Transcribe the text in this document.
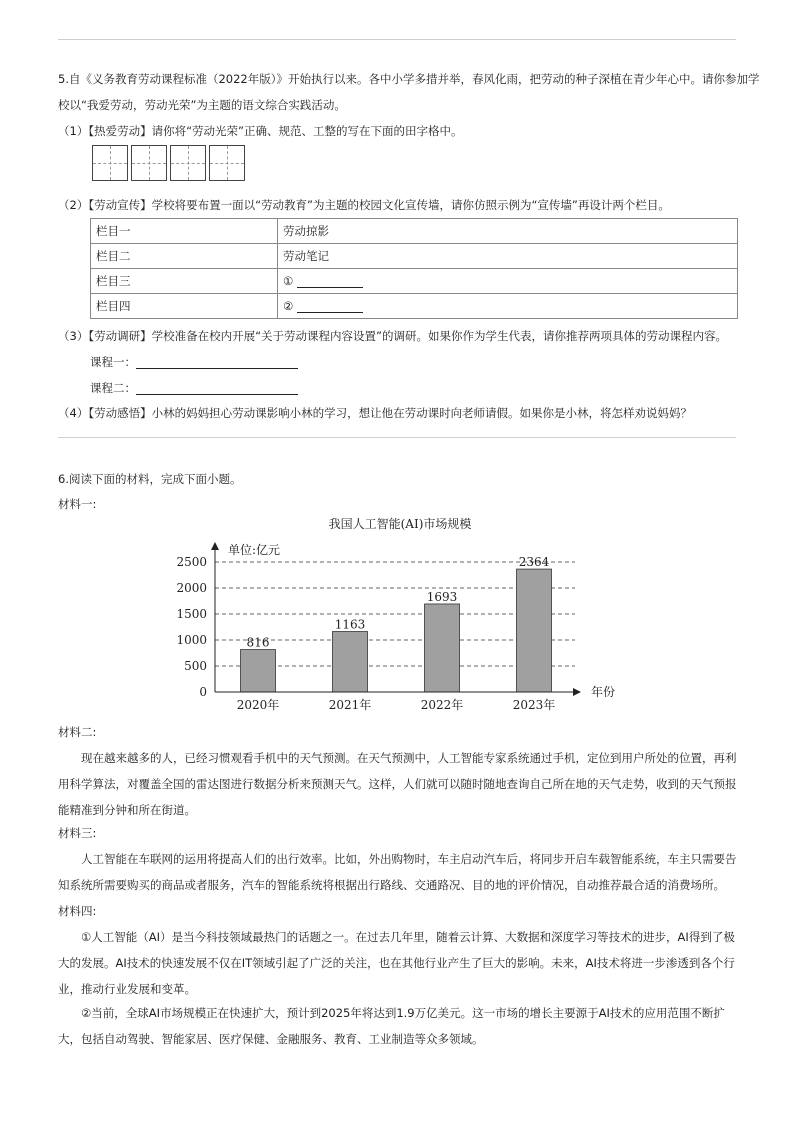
5.自《义务教育劳动课程标准（2022年版）》开始执行以来。各中小学多措并举，春风化雨，把劳动的种子深植在青少年心中。请你参加学
校以“我爱劳动，劳动光荣”为主题的语文综合实践活动。
（1）【热爱劳动】请你将“劳动光荣”正确、规范、工整的写在下面的田字格中。
（2）【劳动宣传】学校将要布置一面以“劳动教育”为主题的校园文化宣传墙，请你仿照示例为“宣传墙”再设计两个栏目。
栏目一	劳动掠影
栏目二	劳动笔记
栏目三	①
栏目四	②
（3）【劳动调研】学校准备在校内开展“关于劳动课程内容设置”的调研。如果你作为学生代表，请你推荐两项具体的劳动课程内容。
课程一：
课程二：
（4）【劳动感悟】小林的妈妈担心劳动课影响小林的学习，想让他在劳动课时向老师请假。如果你是小林，将怎样劝说妈妈？
6.阅读下面的材料，完成下面小题。
材料一:
我国人工智能(AI)市场规模
单位:亿元
年份
816
1163
1693
2364
0
500
1000
1500
2000
2500
2020年	2021年	2022年	2023年
材料二:
现在越来越多的人，已经习惯观看手机中的天气预测。在天气预测中，人工智能专家系统通过手机，定位到用户所处的位置，再利用科学算法，对覆盖全国的雷达图进行数据分析来预测天气。这样，人们就可以随时随地查询自己所在地的天气走势，收到的天气预报能精准到分钟和所在街道。
材料三:
人工智能在车联网的运用将提高人们的出行效率。比如，外出购物时，车主启动汽车后，将同步开启车载智能系统，车主只需要告知系统所需要购买的商品或者服务，汽车的智能系统将根据出行路线、交通路况、目的地的评价情况，自动推荐最合适的消费场所。
材料四:
①人工智能（AI）是当今科技领域最热门的话题之一。在过去几年里，随着云计算、大数据和深度学习等技术的进步，AI得到了极大的发展。AI技术的快速发展不仅在IT领域引起了广泛的关注，也在其他行业产生了巨大的影响。未来，AI技术将进一步渗透到各个行业，推动行业发展和变革。
②当前，全球AI市场规模正在快速扩大，预计到2025年将达到1.9万亿美元。这一市场的增长主要源于AI技术的应用范围不断扩大，包括自动驾驶、智能家居、医疗保健、金融服务、教育、工业制造等众多领域。
